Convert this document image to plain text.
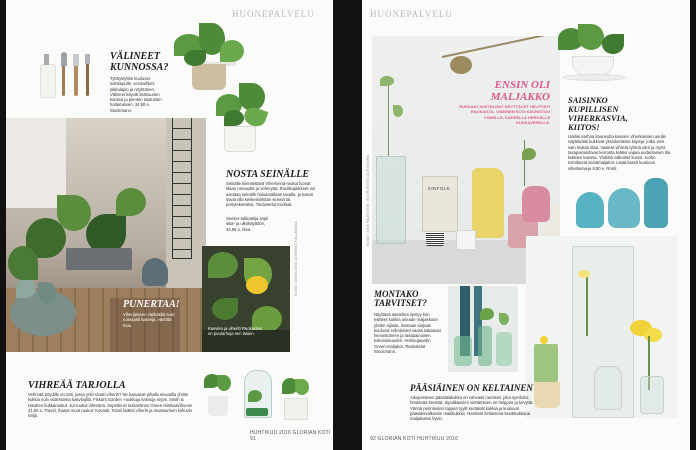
HUONEPALVELU
VÄLINEET
KUNNOSSA?
Tyttöystyttiin kuuluvat suihkepullo, vesisuihket, pikkulapio ja nöyhtänen. Välineet käyvät lisäsuurien kanssa ja pienten istutusten hoitamiseen. 34,90 e, Stockmann.
PUNERTAA!
Viherjänteen värikäskö suur runsaasti kasveja, väriottä muu.
NOSTA SEINÄLLE
Seinälle kiinnitettävä Viherseinä-ruukut luovat tilaan runsautta ja vehreyttä. Ruukkupitkiteet voi aseittaa seinälle haluamallaan tavalla, ja kasvit sovat olla keskeisinkään seinnä tai portyteksesiksi. Tiedustelut Kodista.
Seeker-tukkatelja sopii sisä- ja ulkokäyttöön, 34,95 e, Ikea.
Kasvien ja viherlö Ruokantes on puutarhoja sen lasien.
KUVAT: LASIAN AINO JA MARKO PALLASMAA
VIHREÄÄ TARJOLLA
Vehreää pöydille on totti, jossa yritti sivatti viherlö? Ne kasvavat pihalla sivuatilla yhtiön kukkia noin viidestoista kasvilajilla. Fiskars Garden -ruukkuja kasvuja myös. Smith & Hawken kukkaruukut. Jul-ruukut vihreänä. Sepeltenin laskantinen Green-minikasvihuone 41,90 e, Travel. Ihanat muut ruukut: Kovasti. Toimii lisäksi viherlö ja mustaurinen kirkuvin neljä.
HUHTIKUU 2016 GLORIAN KOTI 91
HUONEPALVELU
KINFOLK
ENSIN OLI
MALJAKKO
RUNSAAT ASETELMAT NÄYTTÄVÄT HELPOSTI RAOKAILTA. VISEINEN KOTI KAUNISTUU YHDELLÄ, KAHDELLA HERKÄLLÄ KUKKAVERELLÄ.
KUVAT: JUNE VALENTINE / INSTRUKTION OCH IKKUNA
SAISINKO
KUPILLISEN
VIHERKASVIA,
KIITOS!
Uniikki kerhoa kauneutta kasvien viherkasvien avulla näyttävästi kukkivat yksinkertaisia kupeja, jotka vien vain hiukan tilaa. Vaaleat vihreät ryhmä värit ja myös tasapainoistavat kerrosta lisäksi vapaa uudenlainen tila kukkien kanssa. Yhdistä valkoiset kuviot, ruoho toimittavat seinämaljakot. Lisää kasvit kuuluvat viherkasveja 8,90 e, Rosti.
MONTAKO
TARVITSET?
Näyttävä asetelma syntyy kun esitteet kukkia useaan maljakkoon yhden sijasta. Samaan sarjaan kuuluvat erikokoiset vaasit taikaavat hienostuneen ja tasapainoisen kokonaisuuden. Holmegaardin Green-maljakot, Tiedustelut Stockmann.
PÄÄSIÄINEN ON KELTAINEN
Aikuperäinen pääsiäiskukka on vahvasti narsissit, joka symboloi heräävää kevättä. Sipulikasvien viettäminen on helppoa ja kevyttä. Värinä perinteiden tapaan tyylit keräävät kukkia ja kuuluvat pääsiäisvalkoisiin mailikukkiin. Narsissit keltaisena kevätkukkana maljakossa hyvin.
92 GLORIAN KOTI HUHTIKUU 2016
